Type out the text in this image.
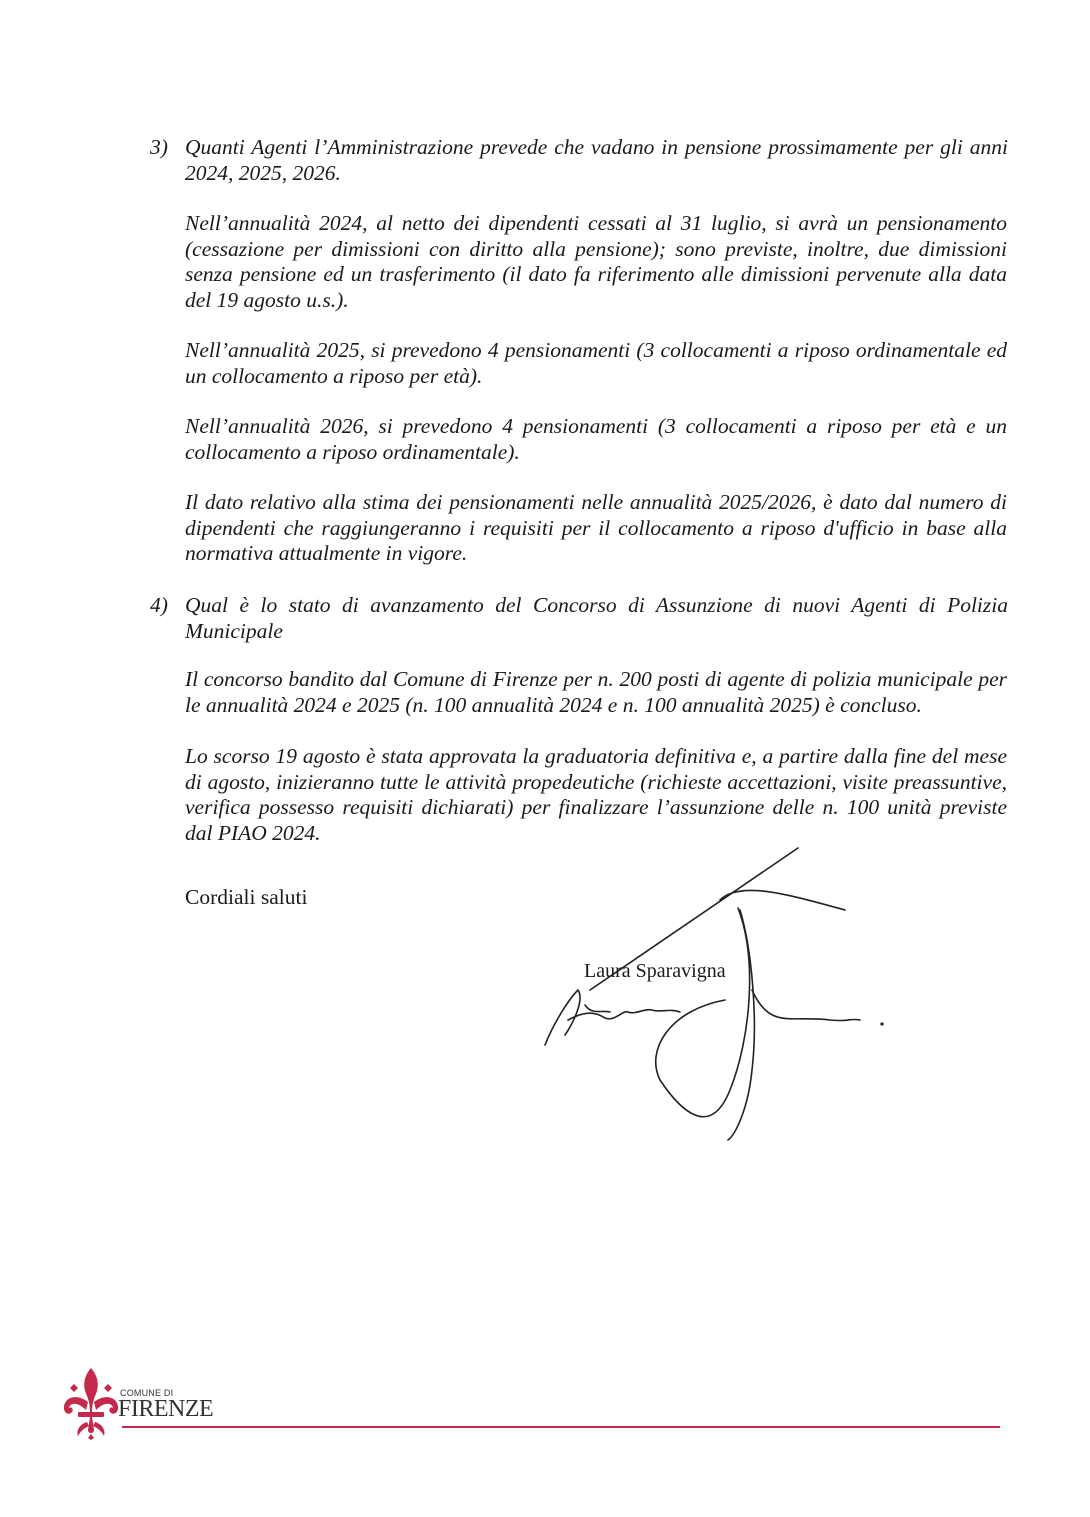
3) Quanti Agenti l’Amministrazione prevede che vadano in pensione prossimamente per gli anni 2024, 2025, 2026.

Nell’annualità 2024, al netto dei dipendenti cessati al 31 luglio, si avrà un pensionamento (cessazione per dimissioni con diritto alla pensione); sono previste, inoltre, due dimissioni senza pensione ed un trasferimento (il dato fa riferimento alle dimissioni pervenute alla data del 19 agosto u.s.).

Nell’annualità 2025, si prevedono 4 pensionamenti (3 collocamenti a riposo ordinamentale ed un collocamento a riposo per età).

Nell’annualità 2026, si prevedono 4 pensionamenti (3 collocamenti a riposo per età e un collocamento a riposo ordinamentale).

Il dato relativo alla stima dei pensionamenti nelle annualità 2025/2026, è dato dal numero di dipendenti che raggiungeranno i requisiti per il collocamento a riposo d'ufficio in base alla normativa attualmente in vigore.

4) Qual è lo stato di avanzamento del Concorso di Assunzione di nuovi Agenti di Polizia Municipale

Il concorso bandito dal Comune di Firenze per n. 200 posti di agente di polizia municipale per le annualità 2024 e 2025 (n. 100 annualità 2024 e n. 100 annualità 2025) è concluso.

Lo scorso 19 agosto è stata approvata la graduatoria definitiva e, a partire dalla fine del mese di agosto, inizieranno tutte le attività propedeutiche (richieste accettazioni, visite preassuntive, verifica possesso requisiti dichiarati) per finalizzare l’assunzione delle n. 100 unità previste dal PIAO 2024.

Cordiali saluti
Laura Sparavigna
COMUNE DI
FIRENZE
